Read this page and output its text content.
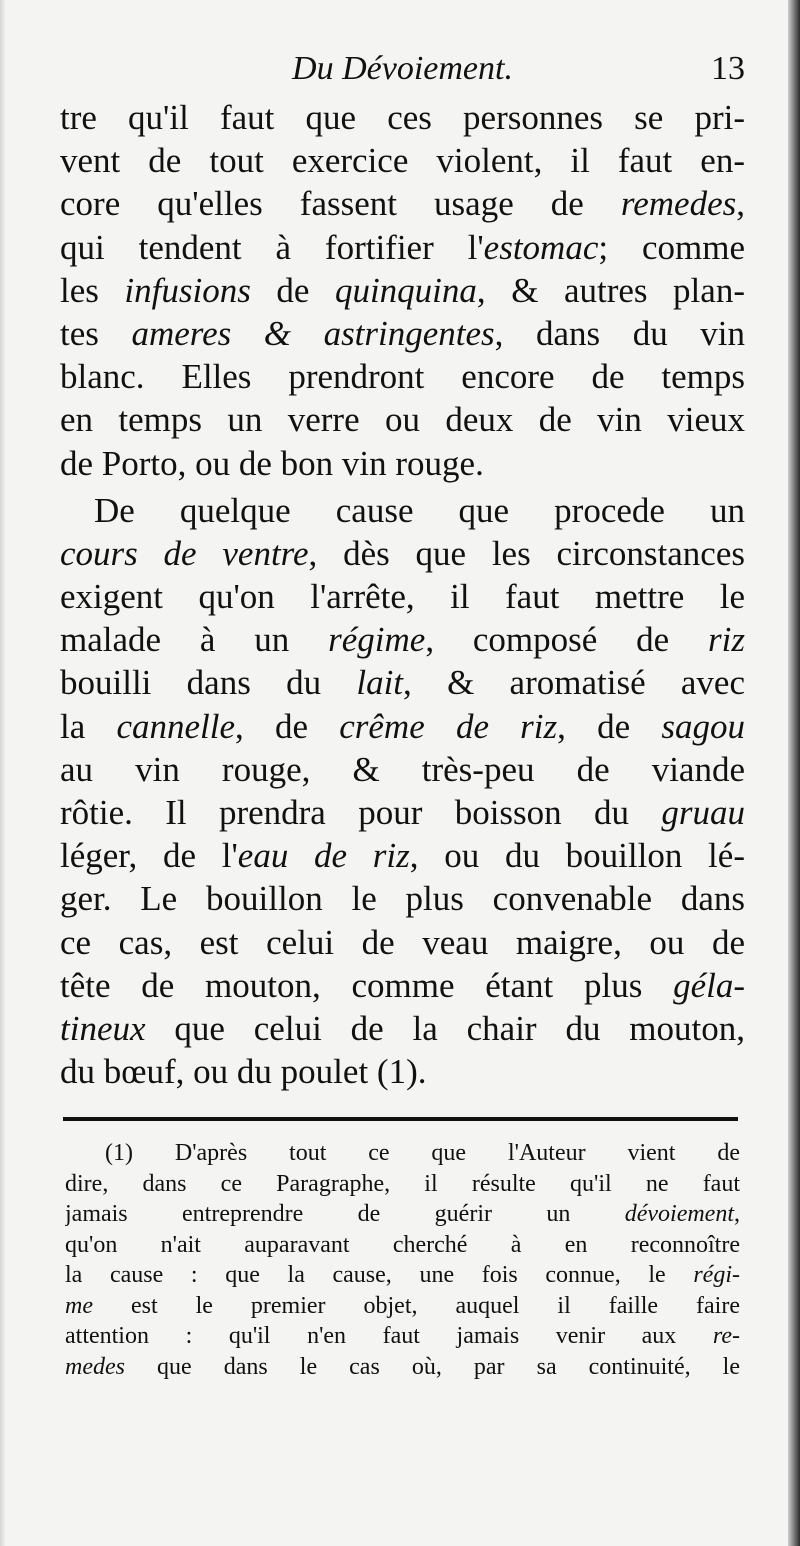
Du Dévoiement.	13
tre qu'il faut que ces personnes se pri-
vent de tout exercice violent, il faut en-
core qu'elles fassent usage de remedes,
qui tendent à fortifier l'estomac; comme
les infusions de quinquina, & autres plan-
tes ameres & astringentes, dans du vin
blanc. Elles prendront encore de temps
en temps un verre ou deux de vin vieux
de Porto, ou de bon vin rouge.
De quelque cause que procede un
cours de ventre, dès que les circonstances
exigent qu'on l'arrête, il faut mettre le
malade à un régime, composé de riz
bouilli dans du lait, & aromatisé avec
la cannelle, de crême de riz, de sagou
au vin rouge, & très-peu de viande
rôtie. Il prendra pour boisson du gruau
léger, de l'eau de riz, ou du bouillon lé-
ger. Le bouillon le plus convenable dans
ce cas, est celui de veau maigre, ou de
tête de mouton, comme étant plus géla-
tineux que celui de la chair du mouton,
du bœuf, ou du poulet (1).
(1) D'après tout ce que l'Auteur vient de
dire, dans ce Paragraphe, il résulte qu'il ne faut
jamais entreprendre de guérir un dévoiement,
qu'on n'ait auparavant cherché à en reconnoître
la cause : que la cause, une fois connue, le régi-
me est le premier objet, auquel il faille faire
attention : qu'il n'en faut jamais venir aux re-
medes que dans le cas où, par sa continuité, le
